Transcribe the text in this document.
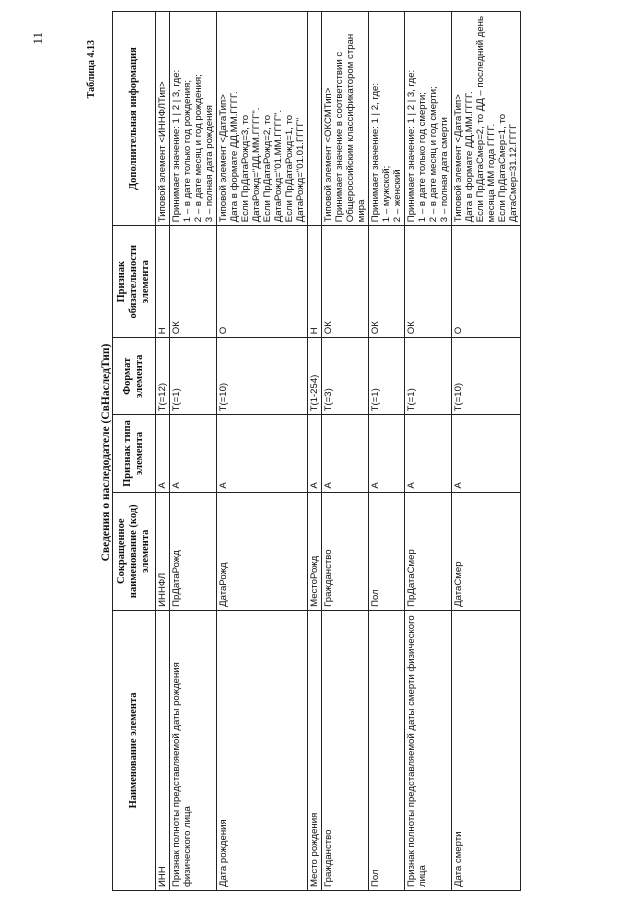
11
Таблица 4.13
Сведения о наследодателе (СвНаследТип)
Наименование элемента	Сокращенное наименование (код) элемента	Признак типа элемента	Формат элемента	Признак обязательности элемента	Дополнительная информация
ИНН	ИННФЛ	А	T(=12)	Н	Типовой элемент <ИННФЛТип>
Признак полноты представляемой даты рождения физического лица	ПрДатаРожд	А	T(=1)	ОК	Принимает значение: 1 | 2 | 3, где:
1 – в дате только год рождения;
2 – в дате месяц и год рождения;
3 – полная дата рождения
Дата рождения	ДатаРожд	А	T(=10)	О	Типовой элемент <ДатаТип>
Дата в формате ДД.ММ.ГГГГ.
Если ПрДатаРожд=3, то ДатаРожд="ДД.ММ.ГГГГ".
Если ПрДатаРожд=2, то ДатаРожд="01.ММ.ГГГГ".
Если ПрДатаРожд=1, то ДатаРожд="01.01.ГГГГ"
Место рождения	МестоРожд	А	T(1-254)	Н	
Гражданство	Гражданство	А	T(=3)	ОК	Типовой элемент <ОКСМТип>
Принимает значение в соответствии с Общероссийским классификатором стран мира
Пол	Пол	А	T(=1)	ОК	Принимает значение: 1 | 2, где:
1 – мужской;
2 – женский
Признак полноты представляемой даты смерти физического лица	ПрДатаСмер	А	T(=1)	ОК	Принимает значение: 1 | 2 | 3, где:
1 – в дате только год смерти;
2 – в дате месяц и год смерти;
3 – полная дата смерти
Дата смерти	ДатаСмер	А	T(=10)	О	Типовой элемент <ДатаТип>
Дата в формате ДД.ММ.ГГГГ.
Если ПрДатаСмер=2, то ДД – последний день месяца ММ года ГГГГ.
Если ПрДатаСмер=1, то ДатаСмер=31.12.ГГГГ
